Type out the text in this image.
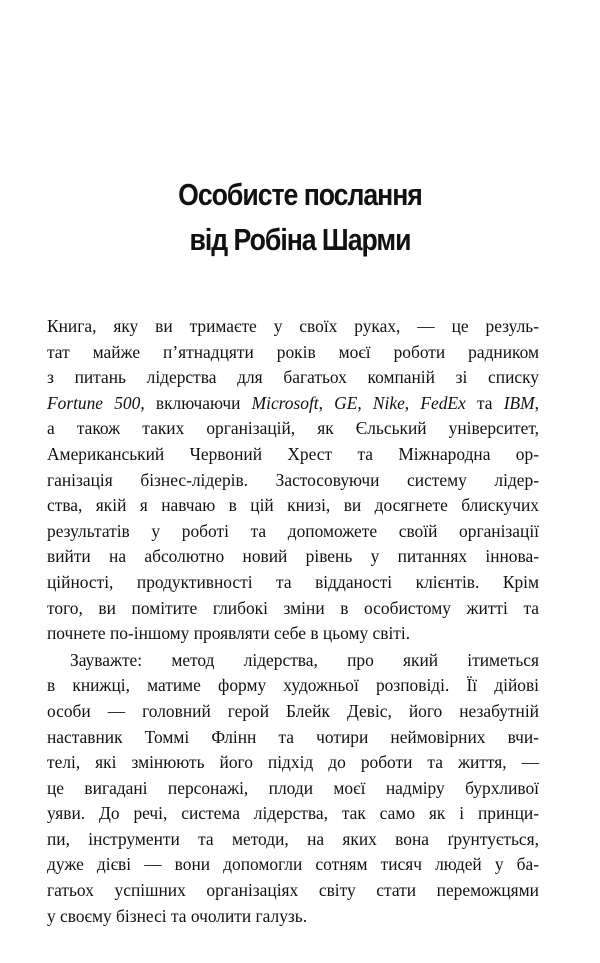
Особисте послання
від Робіна Шарми
Книга, яку ви тримаєте у своїх руках, — це резуль-
тат майже п’ятнадцяти років моєї роботи радником
з питань лідерства для багатьох компаній зі списку
Fortune 500, включаючи Microsoft, GE, Nike, FedEx та IBM,
а також таких організацій, як Єльський університет,
Американський Червоний Хрест та Міжнародна ор-
ганізація бізнес-лідерів. Застосовуючи систему лідер-
ства, якій я навчаю в цій книзі, ви досягнете блискучих
результатів у роботі та допоможете своїй організації
вийти на абсолютно новий рівень у питаннях іннова-
ційності, продуктивності та відданості клієнтів. Крім
того, ви помітите глибокі зміни в особистому житті та
почнете по-іншому проявляти себе в цьому світі.
Зауважте: метод лідерства, про який ітиметься
в книжці, матиме форму художньої розповіді. Її дійові
особи — головний герой Блейк Девіс, його незабутній
наставник Томмі Флінн та чотири неймовірних вчи-
телі, які змінюють його підхід до роботи та життя, —
це вигадані персонажі, плоди моєї надміру бурхливої
уяви. До речі, система лідерства, так само як і принци-
пи, інструменти та методи, на яких вона ґрунтується,
дуже дієві — вони допомогли сотням тисяч людей у ба-
гатьох успішних організаціях світу стати переможцями
у своєму бізнесі та очолити галузь.
